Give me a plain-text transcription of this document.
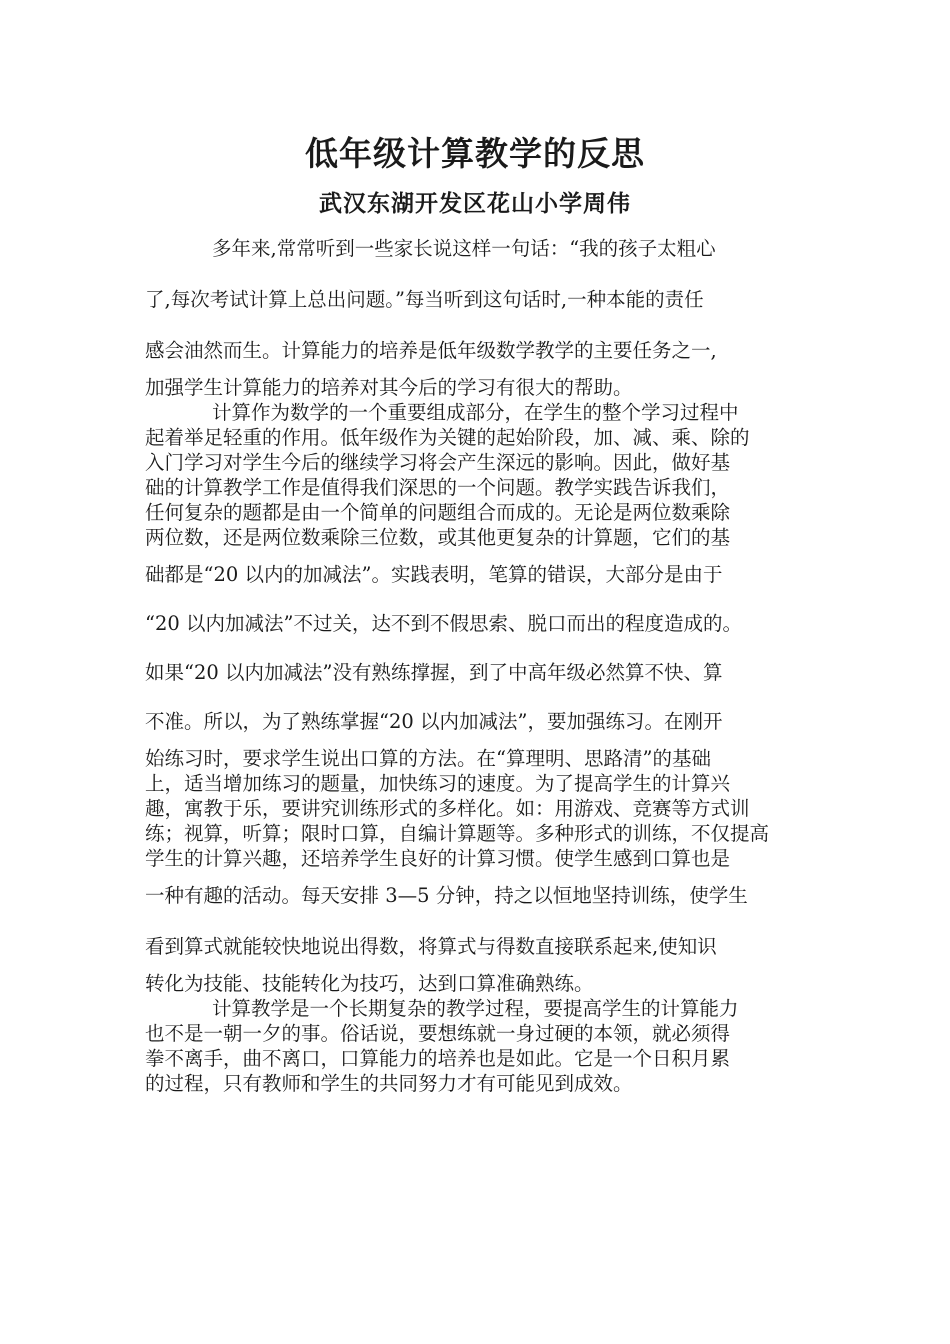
低年级计算教学的反思
武汉东湖开发区花山小学周伟
多年来,常常听到一些家长说这样一句话：“我的孩子太粗心
了,每次考试计算上总出问题。”每当听到这句话时,一种本能的责任
感会油然而生。计算能力的培养是低年级数学教学的主要任务之一,
加强学生计算能力的培养对其今后的学习有很大的帮助。
计算作为数学的一个重要组成部分，在学生的整个学习过程中
起着举足轻重的作用。低年级作为关键的起始阶段，加、减、乘、除的
入门学习对学生今后的继续学习将会产生深远的影响。因此，做好基
础的计算教学工作是值得我们深思的一个问题。教学实践告诉我们，
任何复杂的题都是由一个简单的问题组合而成的。无论是两位数乘除
两位数，还是两位数乘除三位数，或其他更复杂的计算题，它们的基
础都是“20 以内的加减法”。实践表明，笔算的错误，大部分是由于
“20 以内加减法”不过关，达不到不假思索、脱口而出的程度造成的。
如果“20 以内加减法”没有熟练撑握，到了中高年级必然算不快、算
不准。所以，为了熟练掌握“20 以内加减法”，要加强练习。在刚开
始练习时，要求学生说出口算的方法。在“算理明、思路清”的基础
上，适当增加练习的题量，加快练习的速度。为了提高学生的计算兴
趣，寓教于乐，要讲究训练形式的多样化。如：用游戏、竞赛等方式训
练；视算，听算；限时口算，自编计算题等。多种形式的训练，不仅提高
学生的计算兴趣，还培养学生良好的计算习惯。使学生感到口算也是
一种有趣的活动。每天安排 3—5 分钟，持之以恒地坚持训练，使学生
看到算式就能较快地说出得数，将算式与得数直接联系起来,使知识
转化为技能、技能转化为技巧，达到口算准确熟练。
计算教学是一个长期复杂的教学过程，要提高学生的计算能力
也不是一朝一夕的事。俗话说，要想练就一身过硬的本领，就必须得
拳不离手，曲不离口，口算能力的培养也是如此。它是一个日积月累
的过程，只有教师和学生的共同努力才有可能见到成效。
